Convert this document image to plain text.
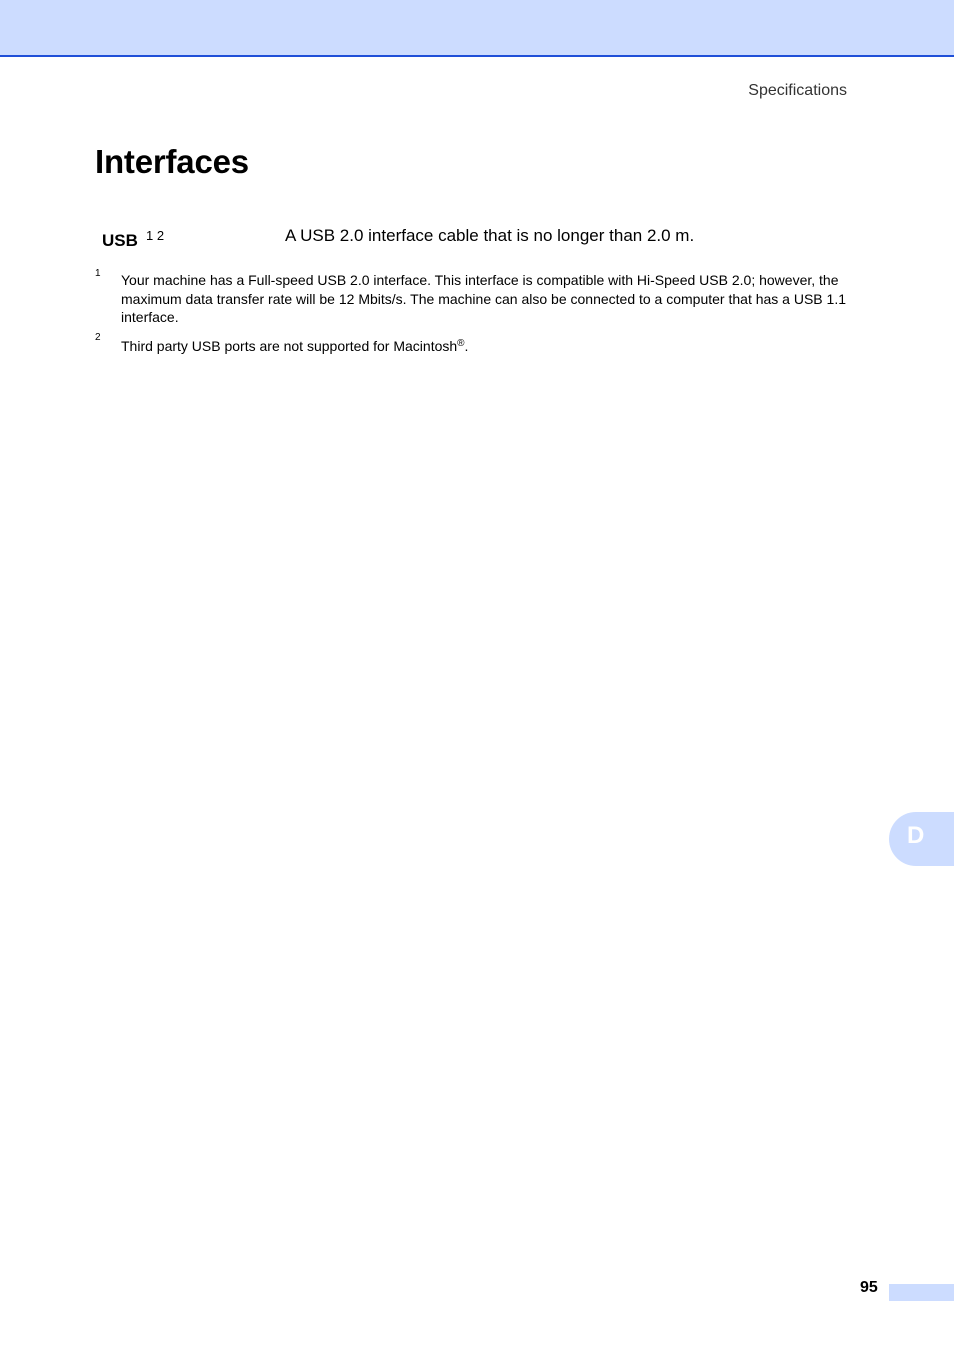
Specifications
Interfaces
USB 1 2	A USB 2.0 interface cable that is no longer than 2.0 m.
1 Your machine has a Full-speed USB 2.0 interface. This interface is compatible with Hi-Speed USB 2.0; however, the maximum data transfer rate will be 12 Mbits/s. The machine can also be connected to a computer that has a USB 1.1 interface.
2
Third party USB ports are not supported for Macintosh®.
D
95
